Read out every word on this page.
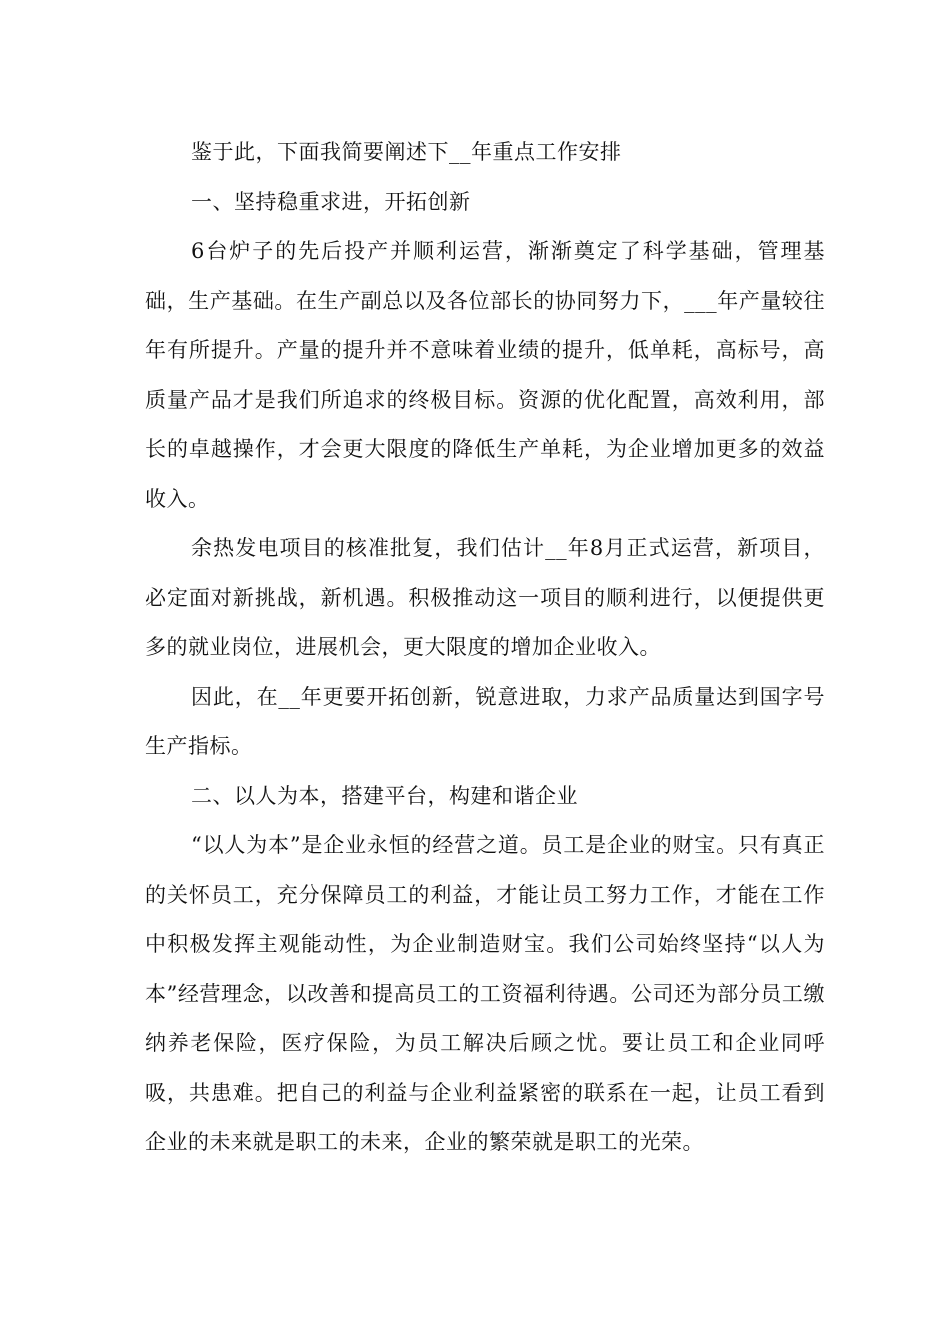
鉴于此，下面我简要阐述下__年重点工作安排

一、坚持稳重求进，开拓创新

6台炉子的先后投产并顺利运营，渐渐奠定了科学基础，管理基础，生产基础。在生产副总以及各位部长的协同努力下，___年产量较往年有所提升。产量的提升并不意味着业绩的提升，低单耗，高标号，高质量产品才是我们所追求的终极目标。资源的优化配置，高效利用，部长的卓越操作，才会更大限度的降低生产单耗，为企业增加更多的效益收入。

余热发电项目的核准批复，我们估计__年8月正式运营，新项目，必定面对新挑战，新机遇。积极推动这一项目的顺利进行，以便提供更多的就业岗位，进展机会，更大限度的增加企业收入。

因此，在__年更要开拓创新，锐意进取，力求产品质量达到国字号生产指标。

二、以人为本，搭建平台，构建和谐企业

“以人为本”是企业永恒的经营之道。员工是企业的财宝。只有真正的关怀员工，充分保障员工的利益，才能让员工努力工作，才能在工作中积极发挥主观能动性，为企业制造财宝。我们公司始终坚持“以人为本”经营理念，以改善和提高员工的工资福利待遇。公司还为部分员工缴纳养老保险，医疗保险，为员工解决后顾之忧。要让员工和企业同呼吸，共患难。把自己的利益与企业利益紧密的联系在一起，让员工看到企业的未来就是职工的未来，企业的繁荣就是职工的光荣。
